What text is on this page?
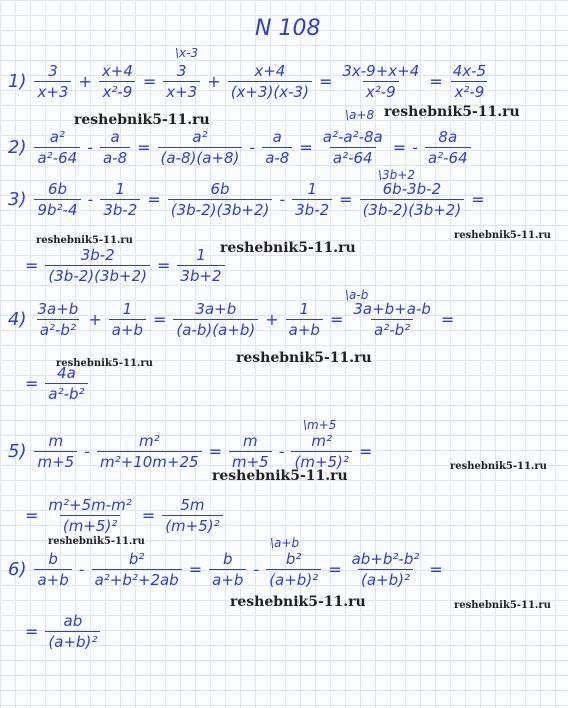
N 108
reshebnik5-11.ru
reshebnik5-11.ru
reshebnik5-11.ru	reshebnik5-11.ru
reshebnik5-11.ru
reshebnik5-11.ru	reshebnik5-11.ru
reshebnik5-11.ru
reshebnik5-11.ru
reshebnik5-11.ru
reshebnik5-11.ru	reshebnik5-11.ru
$1) \frac{3}{x+3} + \frac{x+4}{\text{x²-9}} = \frac{3}{x+3} + \frac{x+4}{(x+3)(x-3)} = \frac{3x-9+x+4}{\text{x²-9}} = \frac{4x-5}{\text{x²-9}}$
\x-3
$2) \frac{\text{a²}}{\text{a²-64}} - \frac{a}{a-8} = \frac{\text{a²}}{(a-8)(a+8)} - \frac{a}{a-8} = \frac{\text{a²-a²-8a}}{\text{a²-64}}$ = - $\frac{8a}{\text{a²-64}}$
\a+8
$3) \frac{6b}{\text{9b²-4}} - \frac{1}{3b-2} = \frac{6b}{(3b-2)(3b+2)} - \frac{1}{3b-2} = \frac{6b-3b-2}{(3b-2)(3b+2)}$ =
= $\frac{3b-2}{(3b-2)(3b+2)} = \frac{1}{3b+2}$
\3b+2
$4) \frac{3a+b}{\text{a²-b²}} + \frac{1}{a+b} = \frac{3a+b}{(a-b)(a+b)} + \frac{1}{a+b} = \frac{3a+b+a-b}{\text{a²-b²}}$ =
= $\frac{4a}{\text{a²-b²}}$
\a-b
$5) \frac{m}{m+5} - \frac{\text{m²}}{\text{m²+10m+25}} = \frac{m}{m+5} - \frac{\text{m²}}{\text{(m+5)²}}$ =
= $\frac{\text{m²+5m-m²}}{\text{(m+5)²}} = \frac{5m}{\text{(m+5)²}}$
\m+5
$6) \frac{b}{a+b} - \frac{\text{b²}}{\text{a²+b²+2ab}} = \frac{b}{a+b} - \frac{\text{b²}}{\text{(a+b)²}} = \frac{\text{ab+b²-b²}}{\text{(a+b)²}}$ =
= $\frac{ab}{\text{(a+b)²}}$
\a+b
